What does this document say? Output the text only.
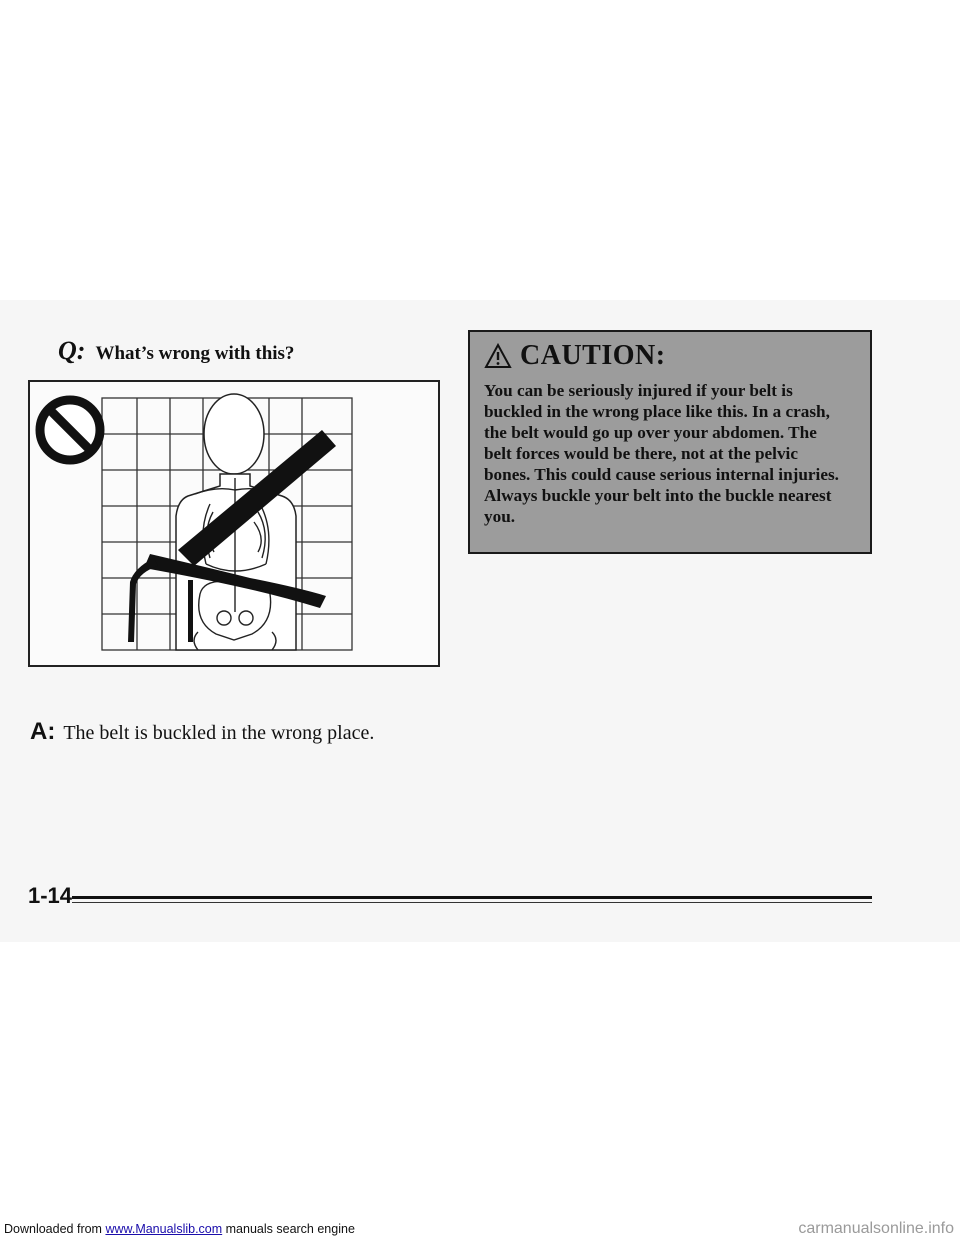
Q: What’s wrong with this?
A: The belt is buckled in the wrong place.
CAUTION:
You can be seriously injured if your belt is
buckled in the wrong place like this. In a crash,
the belt would go up over your abdomen. The
belt forces would be there, not at the pelvic
bones. This could cause serious internal injuries.
Always buckle your belt into the buckle nearest
you.
1-14
Downloaded from www.Manualslib.com manuals search engine	carmanualsonline.info
